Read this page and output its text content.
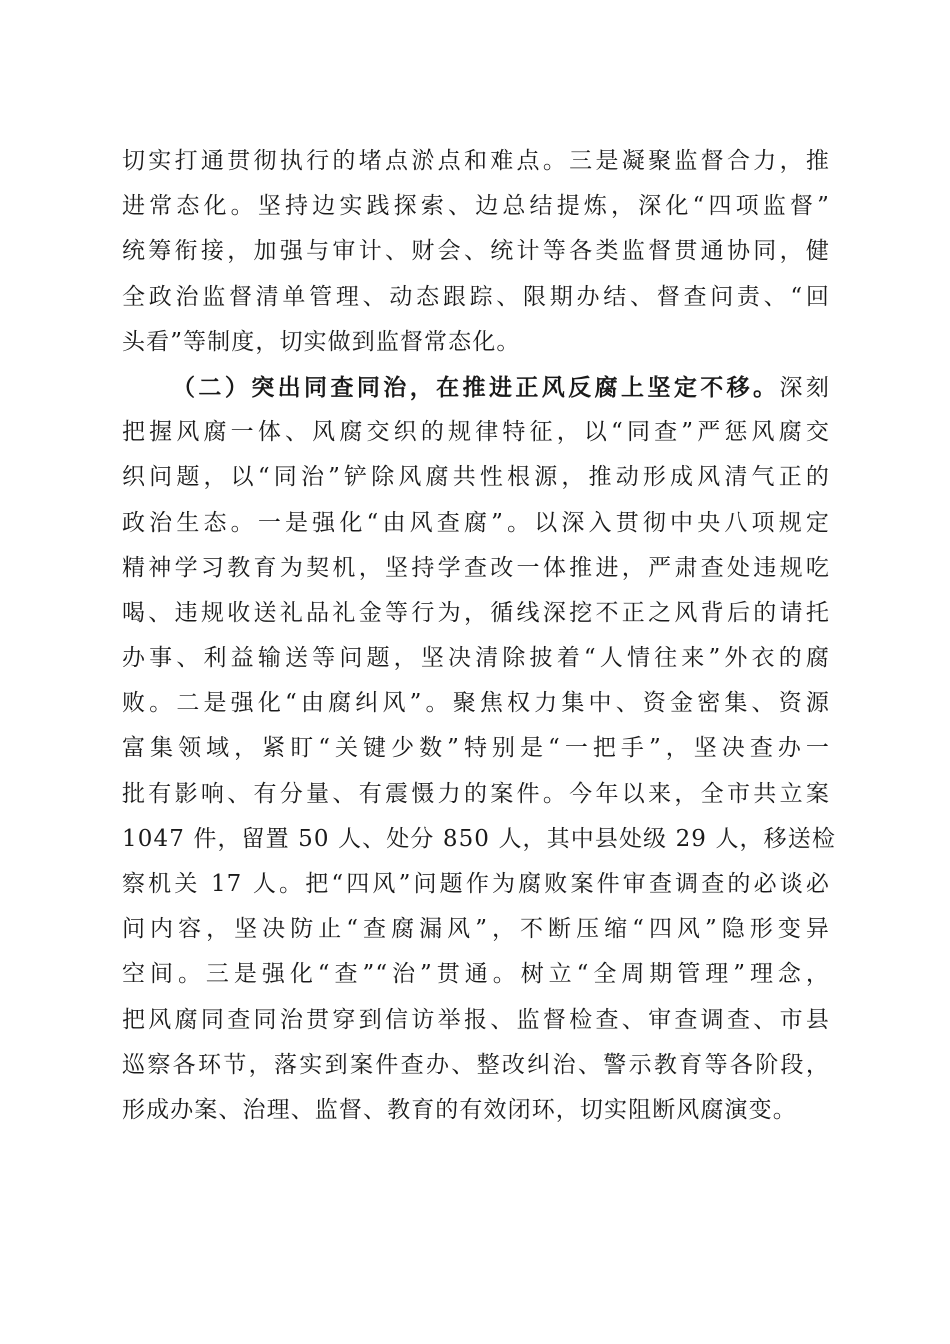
切实打通贯彻执行的堵点淤点和难点。三是凝聚监督合力，推
进常态化。坚持边实践探索、边总结提炼，深化“四项监督”
统筹衔接，加强与审计、财会、统计等各类监督贯通协同，健
全政治监督清单管理、动态跟踪、限期办结、督查问责、“回
头看”等制度，切实做到监督常态化。
（二）突出同查同治，在推进正风反腐上坚定不移。深刻
把握风腐一体、风腐交织的规律特征，以“同查”严惩风腐交
织问题，以“同治”铲除风腐共性根源，推动形成风清气正的
政治生态。一是强化“由风查腐”。以深入贯彻中央八项规定
精神学习教育为契机，坚持学查改一体推进，严肃查处违规吃
喝、违规收送礼品礼金等行为，循线深挖不正之风背后的请托
办事、利益输送等问题，坚决清除披着“人情往来”外衣的腐
败。二是强化“由腐纠风”。聚焦权力集中、资金密集、资源
富集领域，紧盯“关键少数”特别是“一把手”，坚决查办一
批有影响、有分量、有震慑力的案件。今年以来，全市共立案
1047 件，留置 50 人、处分 850 人，其中县处级 29 人，移送检
察机关 17 人。把“四风”问题作为腐败案件审查调查的必谈必
问内容，坚决防止“查腐漏风”，不断压缩“四风”隐形变异
空间。三是强化“查”“治”贯通。树立“全周期管理”理念，
把风腐同查同治贯穿到信访举报、监督检查、审查调查、市县
巡察各环节，落实到案件查办、整改纠治、警示教育等各阶段，
形成办案、治理、监督、教育的有效闭环，切实阻断风腐演变。
